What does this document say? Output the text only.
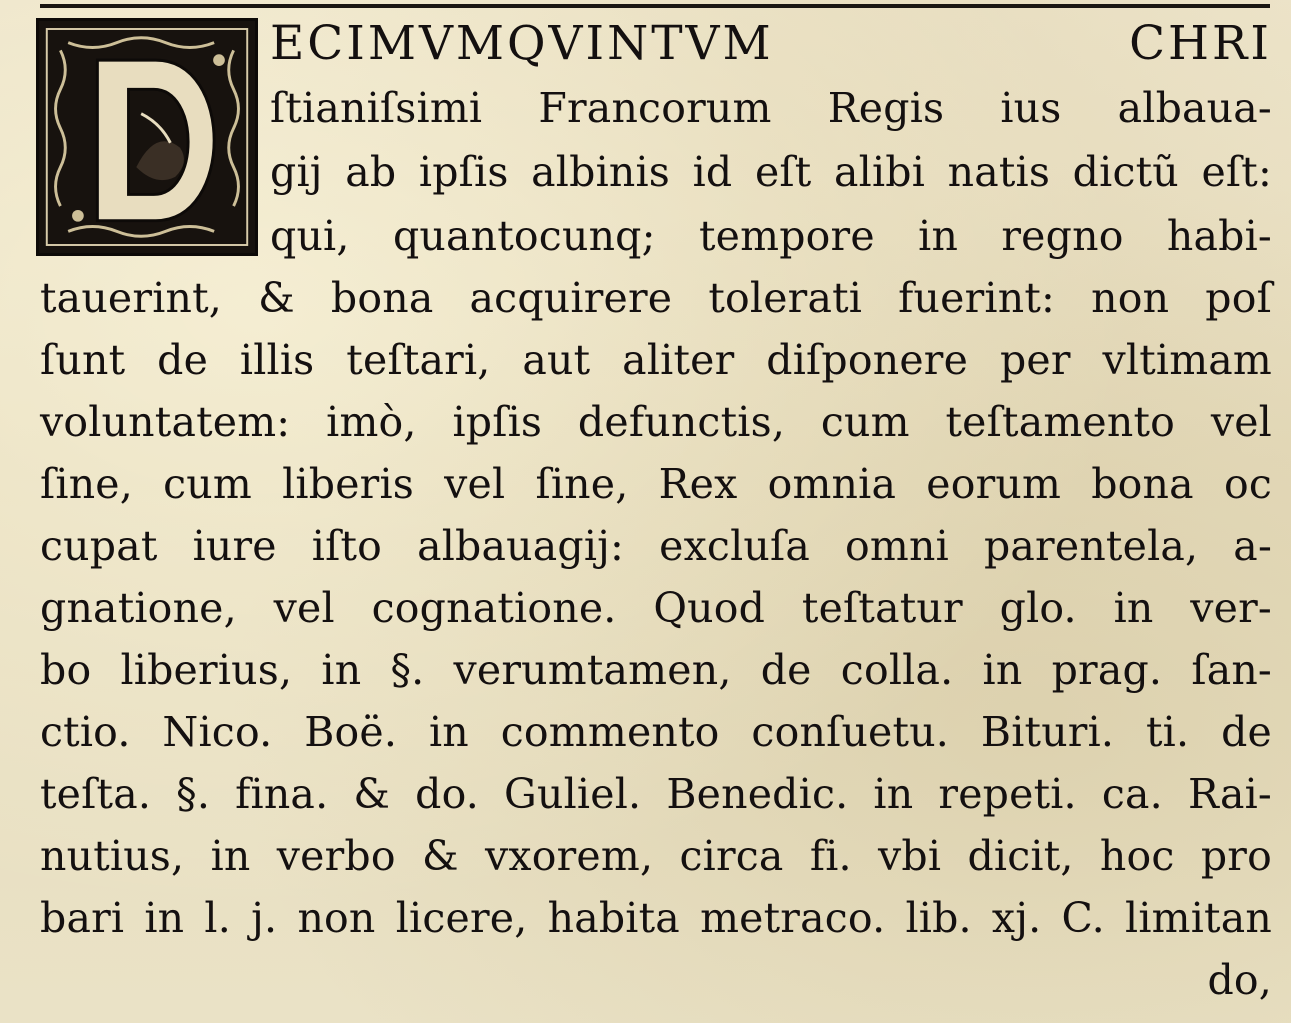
ECIMVMQVINTVM CHRI
ſtianiſsimi Francorum Regis ius albaua-
gij ab ipſis albinis id eſt alibi natis dictũ eſt:
qui, quantocunq; tempore in regno habi-
tauerint, & bona acquirere tolerati fuerint: non poſ
ſunt de illis teſtari, aut aliter diſponere per vltimam
voluntatem: imò, ipſis defunctis, cum teſtamento vel
ſine, cum liberis vel ſine, Rex omnia eorum bona oc
cupat iure iſto albauagij: excluſa omni parentela, a-
gnatione, vel cognatione. Quod teſtatur glo. in ver-
bo liberius, in §. verumtamen, de colla. in prag. ſan-
ctio. Nico. Boë. in commento conſuetu. Bituri. ti. de
teſta. §. fina. & do. Guliel. Benedic. in repeti. ca. Rai-
nutius, in verbo & vxorem, circa fi. vbi dicit, hoc pro
bari in l. j. non licere, habita metraco. lib. xj. C. limitan
do,
